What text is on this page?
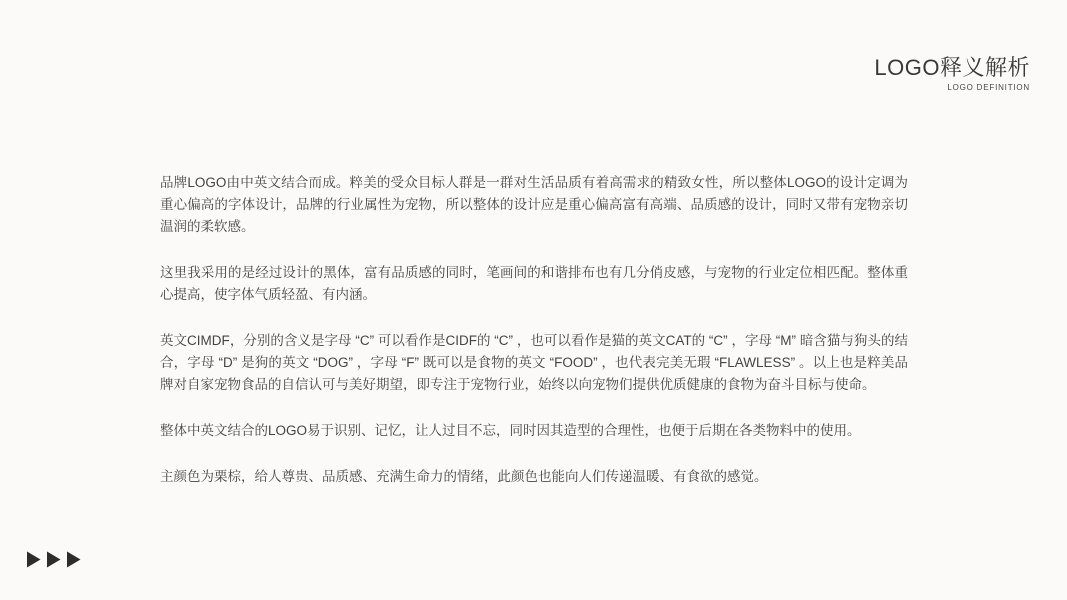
LOGO释义解析
LOGO DEFINITION

品牌LOGO由中英文结合而成。粹美的受众目标人群是一群对生活品质有着高需求的精致女性，所以整体LOGO的设计定调为重心偏高的字体设计，品牌的行业属性为宠物，所以整体的设计应是重心偏高富有高端、品质感的设计，同时又带有宠物亲切温润的柔软感。

这里我采用的是经过设计的黑体，富有品质感的同时，笔画间的和谐排布也有几分俏皮感，与宠物的行业定位相匹配。整体重心提高，使字体气质轻盈、有内涵。

英文CIMDF，分别的含义是字母 “C” 可以看作是CIDF的 “C” ，也可以看作是猫的英文CAT的 “C” ，字母 “M” 暗含猫与狗头的结合，字母 “D” 是狗的英文 “DOG” ，字母 “F” 既可以是食物的英文 “FOOD” ，也代表完美无瑕 “FLAWLESS” 。以上也是粹美品牌对自家宠物食品的自信认可与美好期望，即专注于宠物行业，始终以向宠物们提供优质健康的食物为奋斗目标与使命。

整体中英文结合的LOGO易于识别、记忆，让人过目不忘，同时因其造型的合理性，也便于后期在各类物料中的使用。

主颜色为栗棕，给人尊贵、品质感、充满生命力的情绪，此颜色也能向人们传递温暖、有食欲的感觉。
